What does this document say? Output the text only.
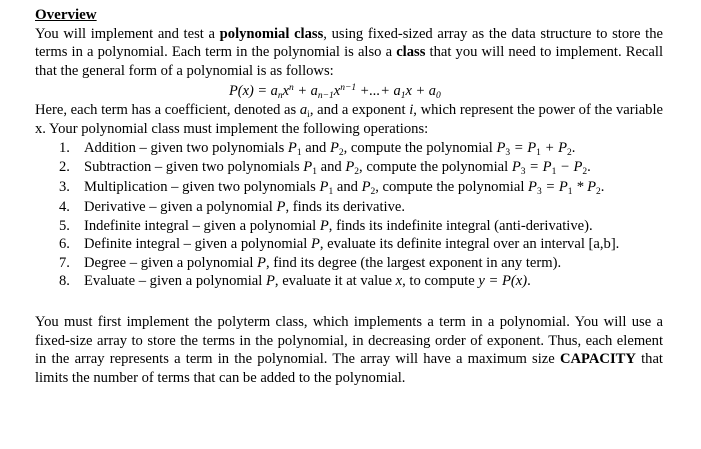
Overview

You will implement and test a polynomial class, using fixed-sized array as the data structure to store the terms in a polynomial. Each term in the polynomial is also a class that you will need to implement. Recall that the general form of a polynomial is as follows:

$P(x) = a_nx^n + a_{n-1}x^{n-1}$ +...+ $a_1x + a_0$

Here, each term has a coefficient, denoted as $a_i$, and a exponent i, which represent the power of the variable x. Your polynomial class must implement the following operations:

1. Addition – given two polynomials $P_1$ and $P_2$, compute the polynomial $P_3 = P_1 + P_2$.
2. Subtraction – given two polynomials $P_1$ and $P_2$, compute the polynomial $P_3 = P_1 - P_2$.
3. Multiplication – given two polynomials $P_1$ and $P_2$, compute the polynomial $P_3 = P_1 * P_2$.
4. Derivative – given a polynomial P, finds its derivative.
5. Indefinite integral – given a polynomial P, finds its indefinite integral (anti-derivative).
6. Definite integral – given a polynomial P, evaluate its definite integral over an interval [a,b].
7. Degree – given a polynomial P, find its degree (the largest exponent in any term).
8. Evaluate – given a polynomial P, evaluate it at value x, to compute y = P(x).

You must first implement the polyterm class, which implements a term in a polynomial. You will use a fixed-size array to store the terms in the polynomial, in decreasing order of exponent. Thus, each element in the array represents a term in the polynomial. The array will have a maximum size CAPACITY that limits the number of terms that can be added to the polynomial.
